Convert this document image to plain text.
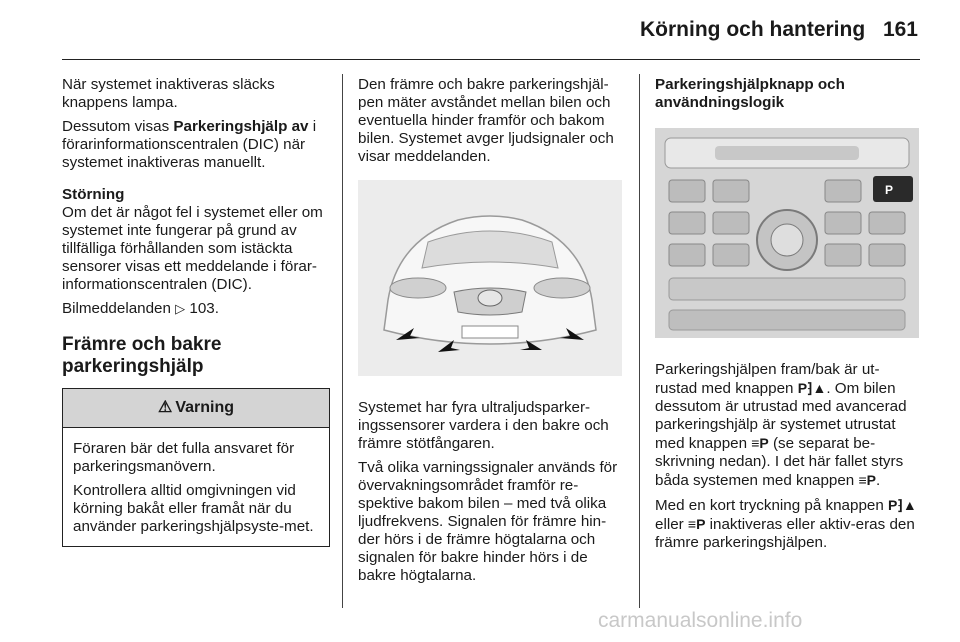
Körning och hantering 161

När systemet inaktiveras släcks knappens lampa.

Dessutom visas Parkeringshjälp av i förarinformationscentralen (DIC) när systemet inaktiveras manuellt.

Störning

Om det är något fel i systemet eller om systemet inte fungerar på grund av tillfälliga förhållanden som istäckta sensorer visas ett meddelande i förar-informationscentralen (DIC).

Bilmeddelanden ▷ 103.

Främre och bakre parkeringshjälp
⚠ Varning

Föraren bär det fulla ansvaret för parkeringsmanövern.

Kontrollera alltid omgivningen vid körning bakåt eller framåt när du använder parkeringshjälpsyste-met.

Den främre och bakre parkeringshjäl-pen mäter avståndet mellan bilen och eventuella hinder framför och bakom bilen. Systemet avger ljudsignaler och visar meddelanden.

Systemet har fyra ultraljudsparker-ingssensorer vardera i den bakre och främre stötfångaren.

Två olika varningssignaler används för övervakningsområdet framför re-spektive bakom bilen – med två olika ljudfrekvens. Signalen för främre hin-der hörs i de främre högtalarna och signalen för bakre hinder hörs i de bakre högtalarna.

Parkeringshjälpknapp och användningslogik

P

Parkeringshjälpen fram/bak är ut-rustad med knappen P⁆▲. Om bilen dessutom är utrustad med avancerad parkeringshjälp är systemet utrustat med knappen ≡P (se separat be-skrivning nedan). I det här fallet styrs båda systemen med knappen ≡P.

Med en kort tryckning på knappen P⁆▲ eller ≡P inaktiveras eller aktiv-eras den främre parkeringshjälpen.

carmanualsonline.info
